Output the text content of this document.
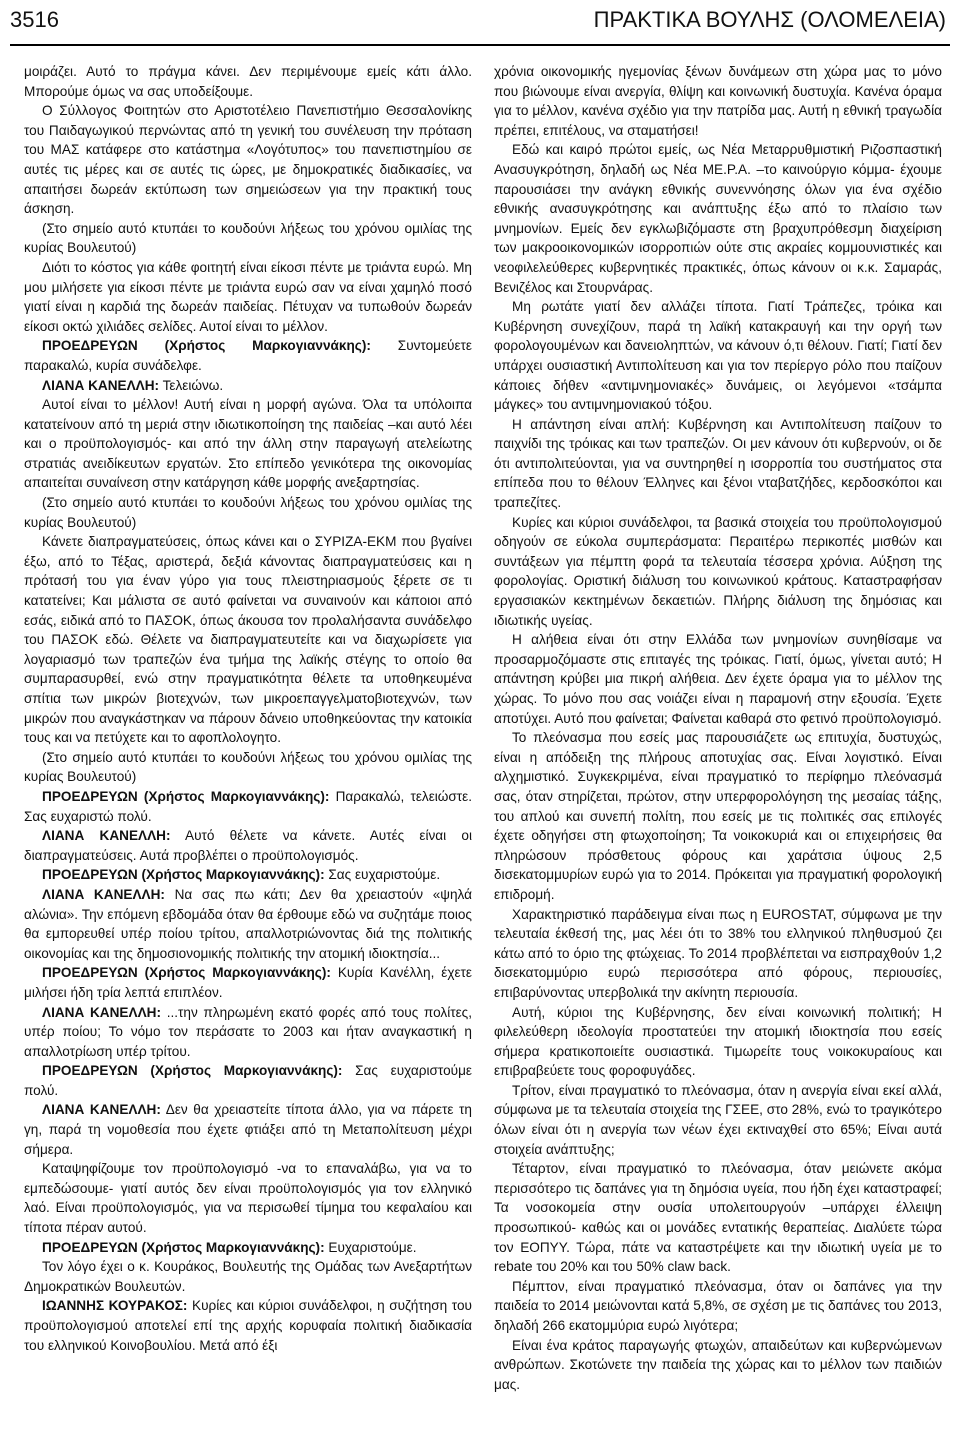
3516	ΠΡΑΚΤΙΚΑ ΒΟΥΛΗΣ (ΟΛΟΜΕΛΕΙΑ)

μοιράζει. Αυτό το πράγμα κάνει. Δεν περιμένουμε εμείς κάτι άλλο. Μπορούμε όμως να σας υποδείξουμε.

Ο Σύλλογος Φοιτητών στο Αριστοτέλειο Πανεπιστήμιο Θεσσαλονίκης του Παιδαγωγικού περνώντας από τη γενική του συνέλευση την πρόταση του ΜΑΣ κατάφερε στο κατάστημα «Λογότυπος» του πανεπιστημίου σε αυτές τις μέρες και σε αυτές τις ώρες, με δημοκρατικές διαδικασίες, να απαιτήσει δωρεάν εκτύπωση των σημειώσεων για την πρακτική τους άσκηση.

(Στο σημείο αυτό κτυπάει το κουδούνι λήξεως του χρόνου ομιλίας της κυρίας Βουλευτού)

Διότι το κόστος για κάθε φοιτητή είναι είκοσι πέντε με τριάντα ευρώ. Μη μου μιλήσετε για είκοσι πέντε με τριάντα ευρώ σαν να είναι χαμηλό ποσό γιατί είναι η καρδιά της δωρεάν παιδείας. Πέτυχαν να τυπωθούν δωρεάν είκοσι οκτώ χιλιάδες σελίδες. Αυτοί είναι το μέλλον.

ΠΡΟΕΔΡΕΥΩΝ (Χρήστος Μαρκογιαννάκης): Συντομεύετε παρακαλώ, κυρία συνάδελφε.

ΛΙΑΝΑ ΚΑΝΕΛΛΗ: Τελειώνω.

Αυτοί είναι το μέλλον! Αυτή είναι η μορφή αγώνα. Όλα τα υπόλοιπα κατατείνουν από τη μεριά στην ιδιωτικοποίηση της παιδείας –και αυτό λέει και ο προϋπολογισμός- και από την άλλη στην παραγωγή ατελείωτης στρατιάς ανειδίκευτων εργατών. Στο επίπεδο γενικότερα της οικονομίας απαιτείται συναίνεση στην κατάργηση κάθε μορφής ανεξαρτησίας.

(Στο σημείο αυτό κτυπάει το κουδούνι λήξεως του χρόνου ομιλίας της κυρίας Βουλευτού)

Κάνετε διαπραγματεύσεις, όπως κάνει και ο ΣΥΡΙΖΑ-ΕΚΜ που βγαίνει έξω, από το Τέξας, αριστερά, δεξιά κάνοντας διαπραγματεύσεις και η πρότασή του για έναν γύρο για τους πλειστηριασμούς ξέρετε σε τι κατατείνει; Και μάλιστα σε αυτό φαίνεται να συναινούν και κάποιοι από εσάς, ειδικά από το ΠΑΣΟΚ, όπως άκουσα τον προλαλήσαντα συνάδελφο του ΠΑΣΟΚ εδώ. Θέλετε να διαπραγματευτείτε και να διαχωρίσετε για λογαριασμό των τραπεζών ένα τμήμα της λαϊκής στέγης το οποίο θα συμπαρασυρθεί, ενώ στην πραγματικότητα θέλετε τα υποθηκευμένα σπίτια των μικρών βιοτεχνών, των μικροεπαγγελματοβιοτεχνών, των μικρών που αναγκάστηκαν να πάρουν δάνειο υποθηκεύοντας την κατοικία τους και να πετύχετε και το αφοπλολογητο.

(Στο σημείο αυτό κτυπάει το κουδούνι λήξεως του χρόνου ομιλίας της κυρίας Βουλευτού)

ΠΡΟΕΔΡΕΥΩΝ (Χρήστος Μαρκογιαννάκης): Παρακαλώ, τελειώστε. Σας ευχαριστώ πολύ.

ΛΙΑΝΑ ΚΑΝΕΛΛΗ: Αυτό θέλετε να κάνετε. Αυτές είναι οι διαπραγματεύσεις. Αυτά προβλέπει ο προϋπολογισμός.

ΠΡΟΕΔΡΕΥΩΝ (Χρήστος Μαρκογιαννάκης): Σας ευχαριστούμε.

ΛΙΑΝΑ ΚΑΝΕΛΛΗ: Να σας πω κάτι; Δεν θα χρειαστούν «ψηλά αλώνια». Την επόμενη εβδομάδα όταν θα έρθουμε εδώ να συζητάμε ποιος θα εμπορευθεί υπέρ ποίου τρίτου, απαλλοτριώνοντας διά της πολιτικής οικονομίας και της δημοσιονομικής πολιτικής την ατομική ιδιοκτησία...

ΠΡΟΕΔΡΕΥΩΝ (Χρήστος Μαρκογιαννάκης): Κυρία Κανέλλη, έχετε μιλήσει ήδη τρία λεπτά επιπλέον.

ΛΙΑΝΑ ΚΑΝΕΛΛΗ: ...την πληρωμένη εκατό φορές από τους πολίτες, υπέρ ποίου; Το νόμο τον περάσατε το 2003 και ήταν αναγκαστική η απαλλοτρίωση υπέρ τρίτου.

ΠΡΟΕΔΡΕΥΩΝ (Χρήστος Μαρκογιαννάκης): Σας ευχαριστούμε πολύ.

ΛΙΑΝΑ ΚΑΝΕΛΛΗ: Δεν θα χρειαστείτε τίποτα άλλο, για να πάρετε τη γη, παρά τη νομοθεσία που έχετε φτιάξει από τη Μεταπολίτευση μέχρι σήμερα.

Καταψηφίζουμε τον προϋπολογισμό -να το επαναλάβω, για να το εμπεδώσουμε- γιατί αυτός δεν είναι προϋπολογισμός για τον ελληνικό λαό. Είναι προϋπολογισμός, για να περισωθεί τίμημα του κεφαλαίου και τίποτα πέραν αυτού.

ΠΡΟΕΔΡΕΥΩΝ (Χρήστος Μαρκογιαννάκης): Ευχαριστούμε.

Τον λόγο έχει ο κ. Κουράκος, Βουλευτής της Ομάδας των Ανεξαρτήτων Δημοκρατικών Βουλευτών.

ΙΩΑΝΝΗΣ ΚΟΥΡΑΚΟΣ: Κυρίες και κύριοι συνάδελφοι, η συζήτηση του προϋπολογισμού αποτελεί επί της αρχής κορυφαία πολιτική διαδικασία του ελληνικού Κοινοβουλίου. Μετά από έξι

χρόνια οικονομικής ηγεμονίας ξένων δυνάμεων στη χώρα μας το μόνο που βιώνουμε είναι ανεργία, θλίψη και κοινωνική δυστυχία. Κανένα όραμα για το μέλλον, κανένα σχέδιο για την πατρίδα μας. Αυτή η εθνική τραγωδία πρέπει, επιτέλους, να σταματήσει!

Εδώ και καιρό πρώτοι εμείς, ως Νέα Μεταρρυθμιστική Ριζοσπαστική Ανασυγκρότηση, δηλαδή ως Νέα ΜΕ.Ρ.Α. –το καινούργιο κόμμα- έχουμε παρουσιάσει την ανάγκη εθνικής συνεννόησης όλων για ένα σχέδιο εθνικής ανασυγκρότησης και ανάπτυξης έξω από το πλαίσιο των μνημονίων. Εμείς δεν εγκλωβιζόμαστε στη βραχυπρόθεσμη διαχείριση των μακροοικονομικών ισορροπιών ούτε στις ακραίες κομμουνιστικές και νεοφιλελεύθερες κυβερνητικές πρακτικές, όπως κάνουν οι κ.κ. Σαμαράς, Βενιζέλος και Στουρνάρας.

Μη ρωτάτε γιατί δεν αλλάζει τίποτα. Γιατί Τράπεζες, τρόικα και Κυβέρνηση συνεχίζουν, παρά τη λαϊκή κατακραυγή και την οργή των φορολογουμένων και δανειοληπτών, να κάνουν ό,τι θέλουν. Γιατί; Γιατί δεν υπάρχει ουσιαστική Αντιπολίτευση και για τον περίεργο ρόλο που παίζουν κάποιες δήθεν «αντιμνημονιακές» δυνάμεις, οι λεγόμενοι «τσάμπα μάγκες» του αντιμνημονιακού τόξου.

Η απάντηση είναι απλή: Κυβέρνηση και Αντιπολίτευση παίζουν το παιχνίδι της τρόικας και των τραπεζών. Οι μεν κάνουν ότι κυβερνούν, οι δε ότι αντιπολιτεύονται, για να συντηρηθεί η ισορροπία του συστήματος στα επίπεδα που το θέλουν Έλληνες και ξένοι νταβατζήδες, κερδοσκόποι και τραπεζίτες.

Κυρίες και κύριοι συνάδελφοι, τα βασικά στοιχεία του προϋπολογισμού οδηγούν σε εύκολα συμπεράσματα: Περαιτέρω περικοπές μισθών και συντάξεων για πέμπτη φορά τα τελευταία τέσσερα χρόνια. Αύξηση της φορολογίας. Οριστική διάλυση του κοινωνικού κράτους. Καταστραφήσαν εργασιακών κεκτημένων δεκαετιών. Πλήρης διάλυση της δημόσιας και ιδιωτικής υγείας.

Η αλήθεια είναι ότι στην Ελλάδα των μνημονίων συνηθίσαμε να προσαρμοζόμαστε στις επιταγές της τρόικας. Γιατί, όμως, γίνεται αυτό; Η απάντηση κρύβει μια πικρή αλήθεια. Δεν έχετε όραμα για το μέλλον της χώρας. Το μόνο που σας νοιάζει είναι η παραμονή στην εξουσία. Έχετε αποτύχει. Αυτό που φαίνεται; Φαίνεται καθαρά στο φετινό προϋπολογισμό.

Το πλεόνασμα που εσείς μας παρουσιάζετε ως επιτυχία, δυστυχώς, είναι η απόδειξη της πλήρους αποτυχίας σας. Είναι λογιστικό. Είναι αλχημιστικό. Συγκεκριμένα, είναι πραγματικό το περίφημο πλεόνασμά σας, όταν στηρίζεται, πρώτον, στην υπερφορολόγηση της μεσαίας τάξης, του απλού και συνεπή πολίτη, που εσείς με τις πολιτικές σας επιλογές έχετε οδηγήσει στη φτωχοποίηση; Τα νοικοκυριά και οι επιχειρήσεις θα πληρώσουν πρόσθετους φόρους και χαράτσια ύψους 2,5 δισεκατομμυρίων ευρώ για το 2014. Πρόκειται για πραγματική φορολογική επιδρομή.

Χαρακτηριστικό παράδειγμα είναι πως η EUROSTAT, σύμφωνα με την τελευταία έκθεσή της, μας λέει ότι το 38% του ελληνικού πληθυσμού ζει κάτω από το όριο της φτώχειας. Το 2014 προβλέπεται να εισπραχθούν 1,2 δισεκατομμύριο ευρώ περισσότερα από φόρους, περιουσίες, επιβαρύνοντας υπερβολικά την ακίνητη περιουσία.

Αυτή, κύριοι της Κυβέρνησης, δεν είναι κοινωνική πολιτική; Η φιλελεύθερη ιδεολογία προστατεύει την ατομική ιδιοκτησία που εσείς σήμερα κρατικοποιείτε ουσιαστικά. Τιμωρείτε τους νοικοκυραίους και επιβραβεύετε τους φοροφυγάδες.

Τρίτον, είναι πραγματικό το πλεόνασμα, όταν η ανεργία είναι εκεί αλλά, σύμφωνα με τα τελευταία στοιχεία της ΓΣΕΕ, στο 28%, ενώ το τραγικότερο όλων είναι ότι η ανεργία των νέων έχει εκτιναχθεί στο 65%; Είναι αυτά στοιχεία ανάπτυξης;

Τέταρτον, είναι πραγματικό το πλεόνασμα, όταν μειώνετε ακόμα περισσότερο τις δαπάνες για τη δημόσια υγεία, που ήδη έχει καταστραφεί; Τα νοσοκομεία στην ουσία υπολειτουργούν –υπάρχει έλλειψη προσωπικού- καθώς και οι μονάδες εντατικής θεραπείας. Διαλύετε τώρα τον ΕΟΠΥΥ. Τώρα, πάτε να καταστρέψετε και την ιδιωτική υγεία με το rebate του 20% και του 50% claw back.

Πέμπτον, είναι πραγματικό πλεόνασμα, όταν οι δαπάνες για την παιδεία το 2014 μειώνονται κατά 5,8%, σε σχέση με τις δαπάνες του 2013, δηλαδή 266 εκατομμύρια ευρώ λιγότερα;

Είναι ένα κράτος παραγωγής φτωχών, απαιδεύτων και κυβερνώμενων ανθρώπων. Σκοτώνετε την παιδεία της χώρας και το μέλλον των παιδιών μας.
